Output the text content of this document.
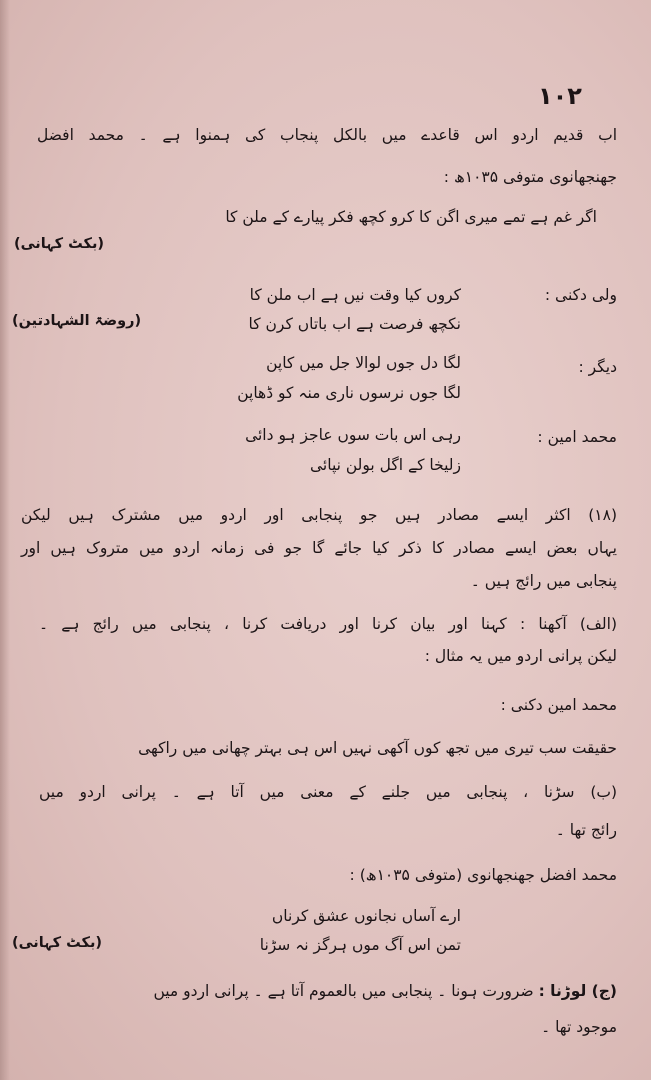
۱۰۲
اب قدیم اردو اس قاعدے میں بالکل پنجاب کی ہمنوا ہے ۔ محمد افضل
جھنجھانوی متوفی ۱۰۳۵ھ :
اگر غم ہے تمے میری اگن کا کرو کچھ فکر پیارے کے ملن کا
(بکٹ کہانی)
ولی دکنی :
کروں کیا وقت نیں ہے اب ملن کا
نکچھ فرصت ہے اب باتاں کرن کا
(روضۃ الشہادتین)
دیگر :
لگا دل جوں لوالا جل میں کاپن
لگا جوں نرسوں ناری منہ کو ڈھاپن
محمد امین :
رہی اس بات سوں عاجز ہو دائی
زلیخا کے اگل بولن نپائی
(۱۸) اکثر ایسے مصادر ہیں جو پنجابی اور اردو میں مشترک ہیں لیکن
یہاں بعض ایسے مصادر کا ذکر کیا جائے گا جو فی زمانہ اردو میں متروک ہیں اور
پنجابی میں رائج ہیں ۔
(الف) آکھنا : کہنا اور بیان کرنا اور دریافت کرنا ، پنجابی میں رائج ہے ۔
لیکن پرانی اردو میں یہ مثال :
محمد امین دکنی :
حقیقت سب تیری میں تجھ کوں آکھی نہیں اس ہی بہتر چھانی میں راکھی
(ب) سڑنا ، پنجابی میں جلنے کے معنی میں آتا ہے ۔ پرانی اردو میں
رائج تھا ۔
محمد افضل جھنجھانوی (متوفی ۱۰۳۵ھ) :
ارے آساں نجانوں عشق کرناں
تمن اس آگ موں ہرگز نہ سڑنا
(بکٹ کہانی)
(ج) لوڑنا : ضرورت ہونا ۔ پنجابی میں بالعموم آتا ہے ۔ پرانی اردو میں
موجود تھا ۔
